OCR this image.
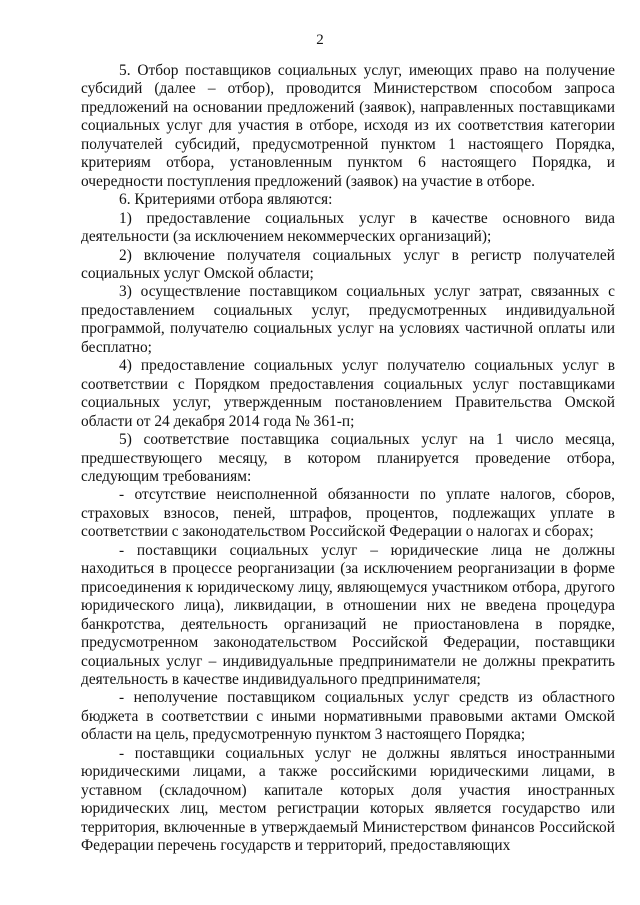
2

5. Отбор поставщиков социальных услуг, имеющих право на получение субсидий (далее – отбор), проводится Министерством способом запроса предложений на основании предложений (заявок), направленных поставщиками социальных услуг для участия в отборе, исходя из их соответствия категории получателей субсидий, предусмотренной пунктом 1 настоящего Порядка, критериям отбора, установленным пунктом 6 настоящего Порядка, и очередности поступления предложений (заявок) на участие в отборе.

6. Критериями отбора являются:

1) предоставление социальных услуг в качестве основного вида деятельности (за исключением некоммерческих организаций);

2) включение получателя социальных услуг в регистр получателей социальных услуг Омской области;

3) осуществление поставщиком социальных услуг затрат, связанных с предоставлением социальных услуг, предусмотренных индивидуальной программой, получателю социальных услуг на условиях частичной оплаты или бесплатно;

4) предоставление социальных услуг получателю социальных услуг в соответствии с Порядком предоставления социальных услуг поставщиками социальных услуг, утвержденным постановлением Правительства Омской области от 24 декабря 2014 года № 361-п;

5) соответствие поставщика социальных услуг на 1 число месяца, предшествующего месяцу, в котором планируется проведение отбора, следующим требованиям:

- отсутствие неисполненной обязанности по уплате налогов, сборов, страховых взносов, пеней, штрафов, процентов, подлежащих уплате в соответствии с законодательством Российской Федерации о налогах и сборах;

- поставщики социальных услуг – юридические лица не должны находиться в процессе реорганизации (за исключением реорганизации в форме присоединения к юридическому лицу, являющемуся участником отбора, другого юридического лица), ликвидации, в отношении них не введена процедура банкротства, деятельность организаций не приостановлена в порядке, предусмотренном законодательством Российской Федерации, поставщики социальных услуг – индивидуальные предприниматели не должны прекратить деятельность в качестве индивидуального предпринимателя;

- неполучение поставщиком социальных услуг средств из областного бюджета в соответствии с иными нормативными правовыми актами Омской области на цель, предусмотренную пунктом 3 настоящего Порядка;

- поставщики социальных услуг не должны являться иностранными юридическими лицами, а также российскими юридическими лицами, в уставном (складочном) капитале которых доля участия иностранных юридических лиц, местом регистрации которых является государство или территория, включенные в утверждаемый Министерством финансов Российской Федерации перечень государств и территорий, предоставляющих
